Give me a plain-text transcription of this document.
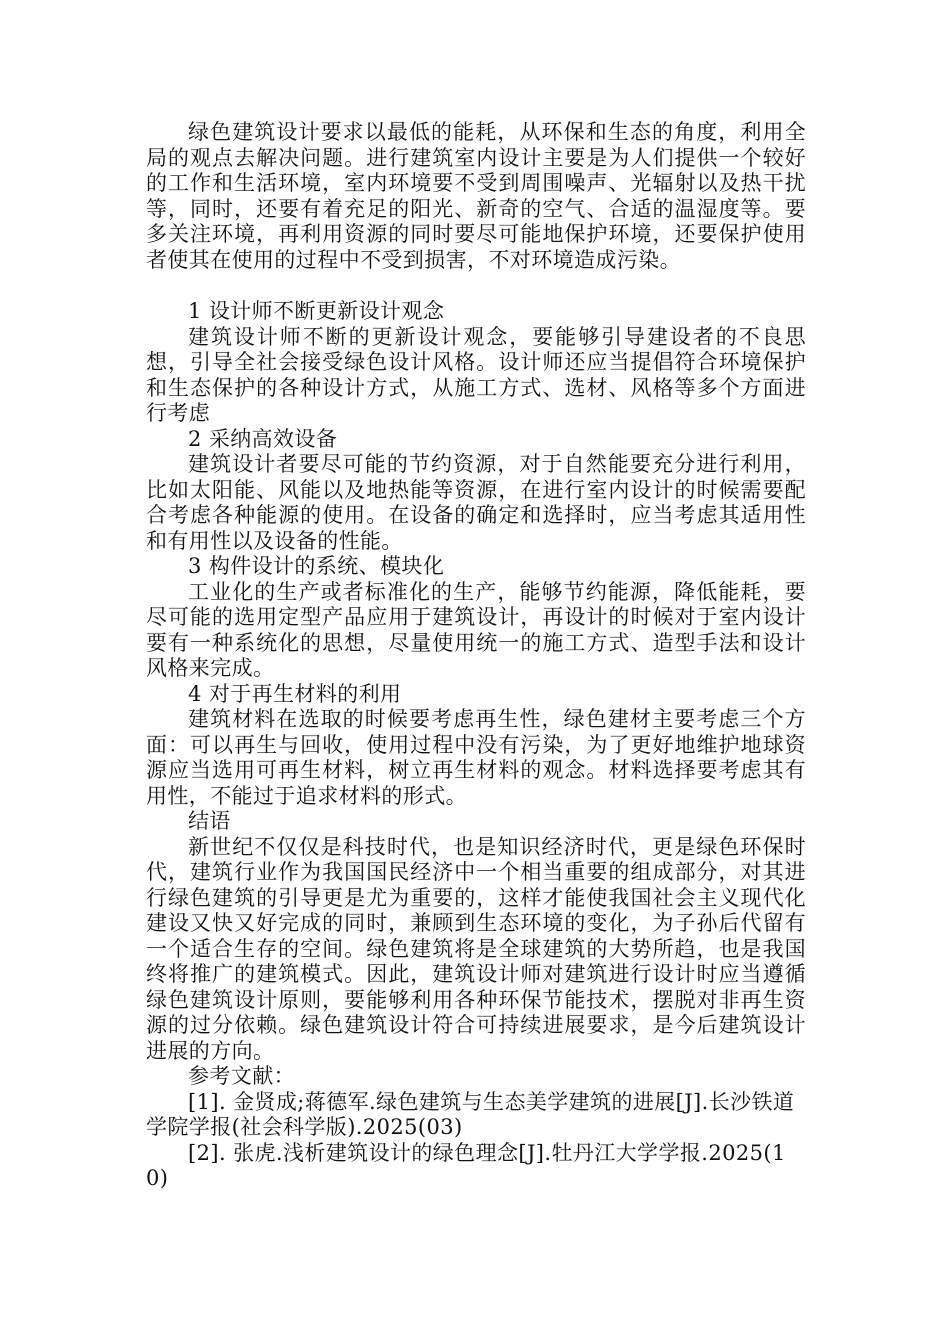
绿色建筑设计要求以最低的能耗，从环保和生态的角度，利用全局的观点去解决问题。进行建筑室内设计主要是为人们提供一个较好的工作和生活环境，室内环境要不受到周围噪声、光辐射以及热干扰等，同时，还要有着充足的阳光、新奇的空气、合适的温湿度等。要多关注环境，再利用资源的同时要尽可能地保护环境，还要保护使用者使其在使用的过程中不受到损害，不对环境造成污染。

1 设计师不断更新设计观念

建筑设计师不断的更新设计观念，要能够引导建设者的不良思想，引导全社会接受绿色设计风格。设计师还应当提倡符合环境保护和生态保护的各种设计方式，从施工方式、选材、风格等多个方面进行考虑

2 采纳高效设备

建筑设计者要尽可能的节约资源，对于自然能要充分进行利用，比如太阳能、风能以及地热能等资源，在进行室内设计的时候需要配合考虑各种能源的使用。在设备的确定和选择时，应当考虑其适用性和有用性以及设备的性能。

3 构件设计的系统、模块化

工业化的生产或者标准化的生产，能够节约能源，降低能耗，要尽可能的选用定型产品应用于建筑设计，再设计的时候对于室内设计要有一种系统化的思想，尽量使用统一的施工方式、造型手法和设计风格来完成。

4 对于再生材料的利用

建筑材料在选取的时候要考虑再生性，绿色建材主要考虑三个方面：可以再生与回收，使用过程中没有污染，为了更好地维护地球资源应当选用可再生材料，树立再生材料的观念。材料选择要考虑其有用性，不能过于追求材料的形式。

结语

新世纪不仅仅是科技时代，也是知识经济时代，更是绿色环保时代，建筑行业作为我国国民经济中一个相当重要的组成部分，对其进行绿色建筑的引导更是尤为重要的，这样才能使我国社会主义现代化建设又快又好完成的同时，兼顾到生态环境的变化，为子孙后代留有一个适合生存的空间。绿色建筑将是全球建筑的大势所趋，也是我国终将推广的建筑模式。因此，建筑设计师对建筑进行设计时应当遵循绿色建筑设计原则，要能够利用各种环保节能技术，摆脱对非再生资源的过分依赖。绿色建筑设计符合可持续进展要求，是今后建筑设计进展的方向。

参考文献：

[1]. 金贤成;蒋德军.绿色建筑与生态美学建筑的进展[J].长沙铁道学院学报(社会科学版).2025(03)

[2]. 张虎.浅析建筑设计的绿色理念[J].牡丹江大学学报.2025(10)
